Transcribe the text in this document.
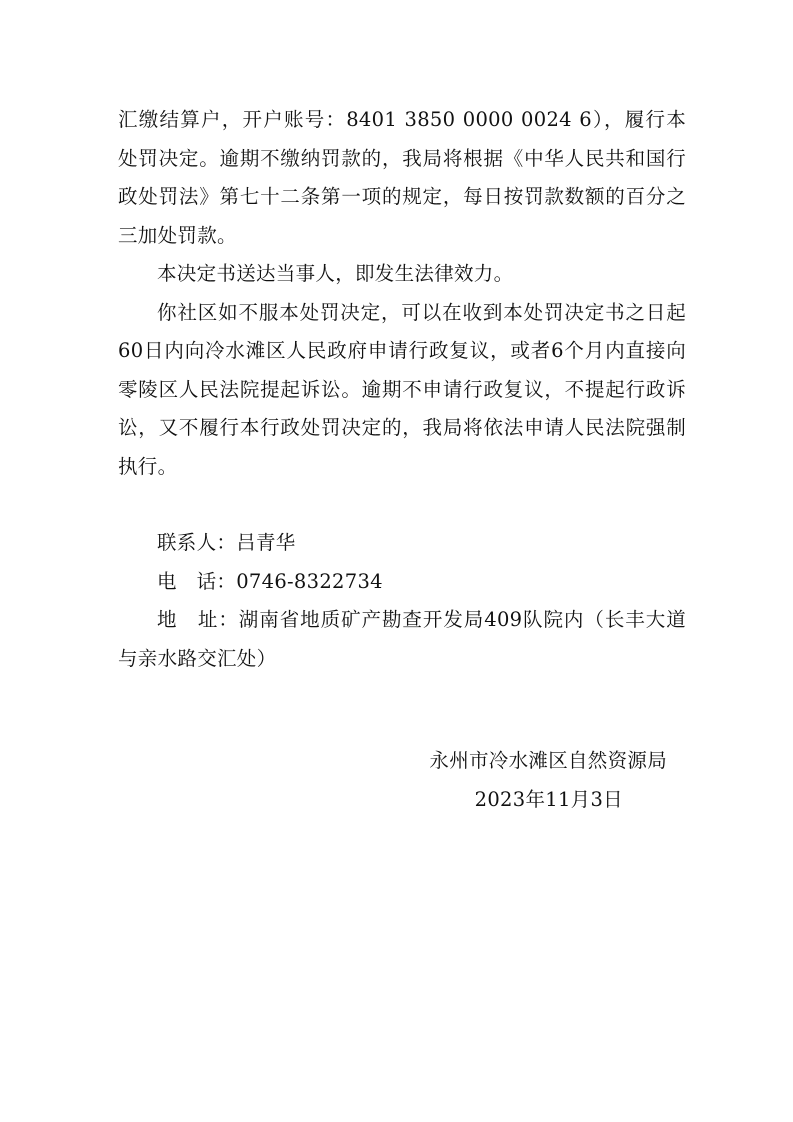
汇缴结算户，开户账号：8401 3850 0000 0024 6），履行本处罚决定。逾期不缴纳罚款的，我局将根据《中华人民共和国行政处罚法》第七十二条第一项的规定，每日按罚款数额的百分之三加处罚款。

本决定书送达当事人，即发生法律效力。

你社区如不服本处罚决定，可以在收到本处罚决定书之日起60日内向冷水滩区人民政府申请行政复议，或者6个月内直接向零陵区人民法院提起诉讼。逾期不申请行政复议，不提起行政诉讼，又不履行本行政处罚决定的，我局将依法申请人民法院强制执行。

联系人：吕青华

电　话：0746-8322734

地　址：湖南省地质矿产勘查开发局409队院内（长丰大道与亲水路交汇处）

永州市冷水滩区自然资源局
2023年11月3日
